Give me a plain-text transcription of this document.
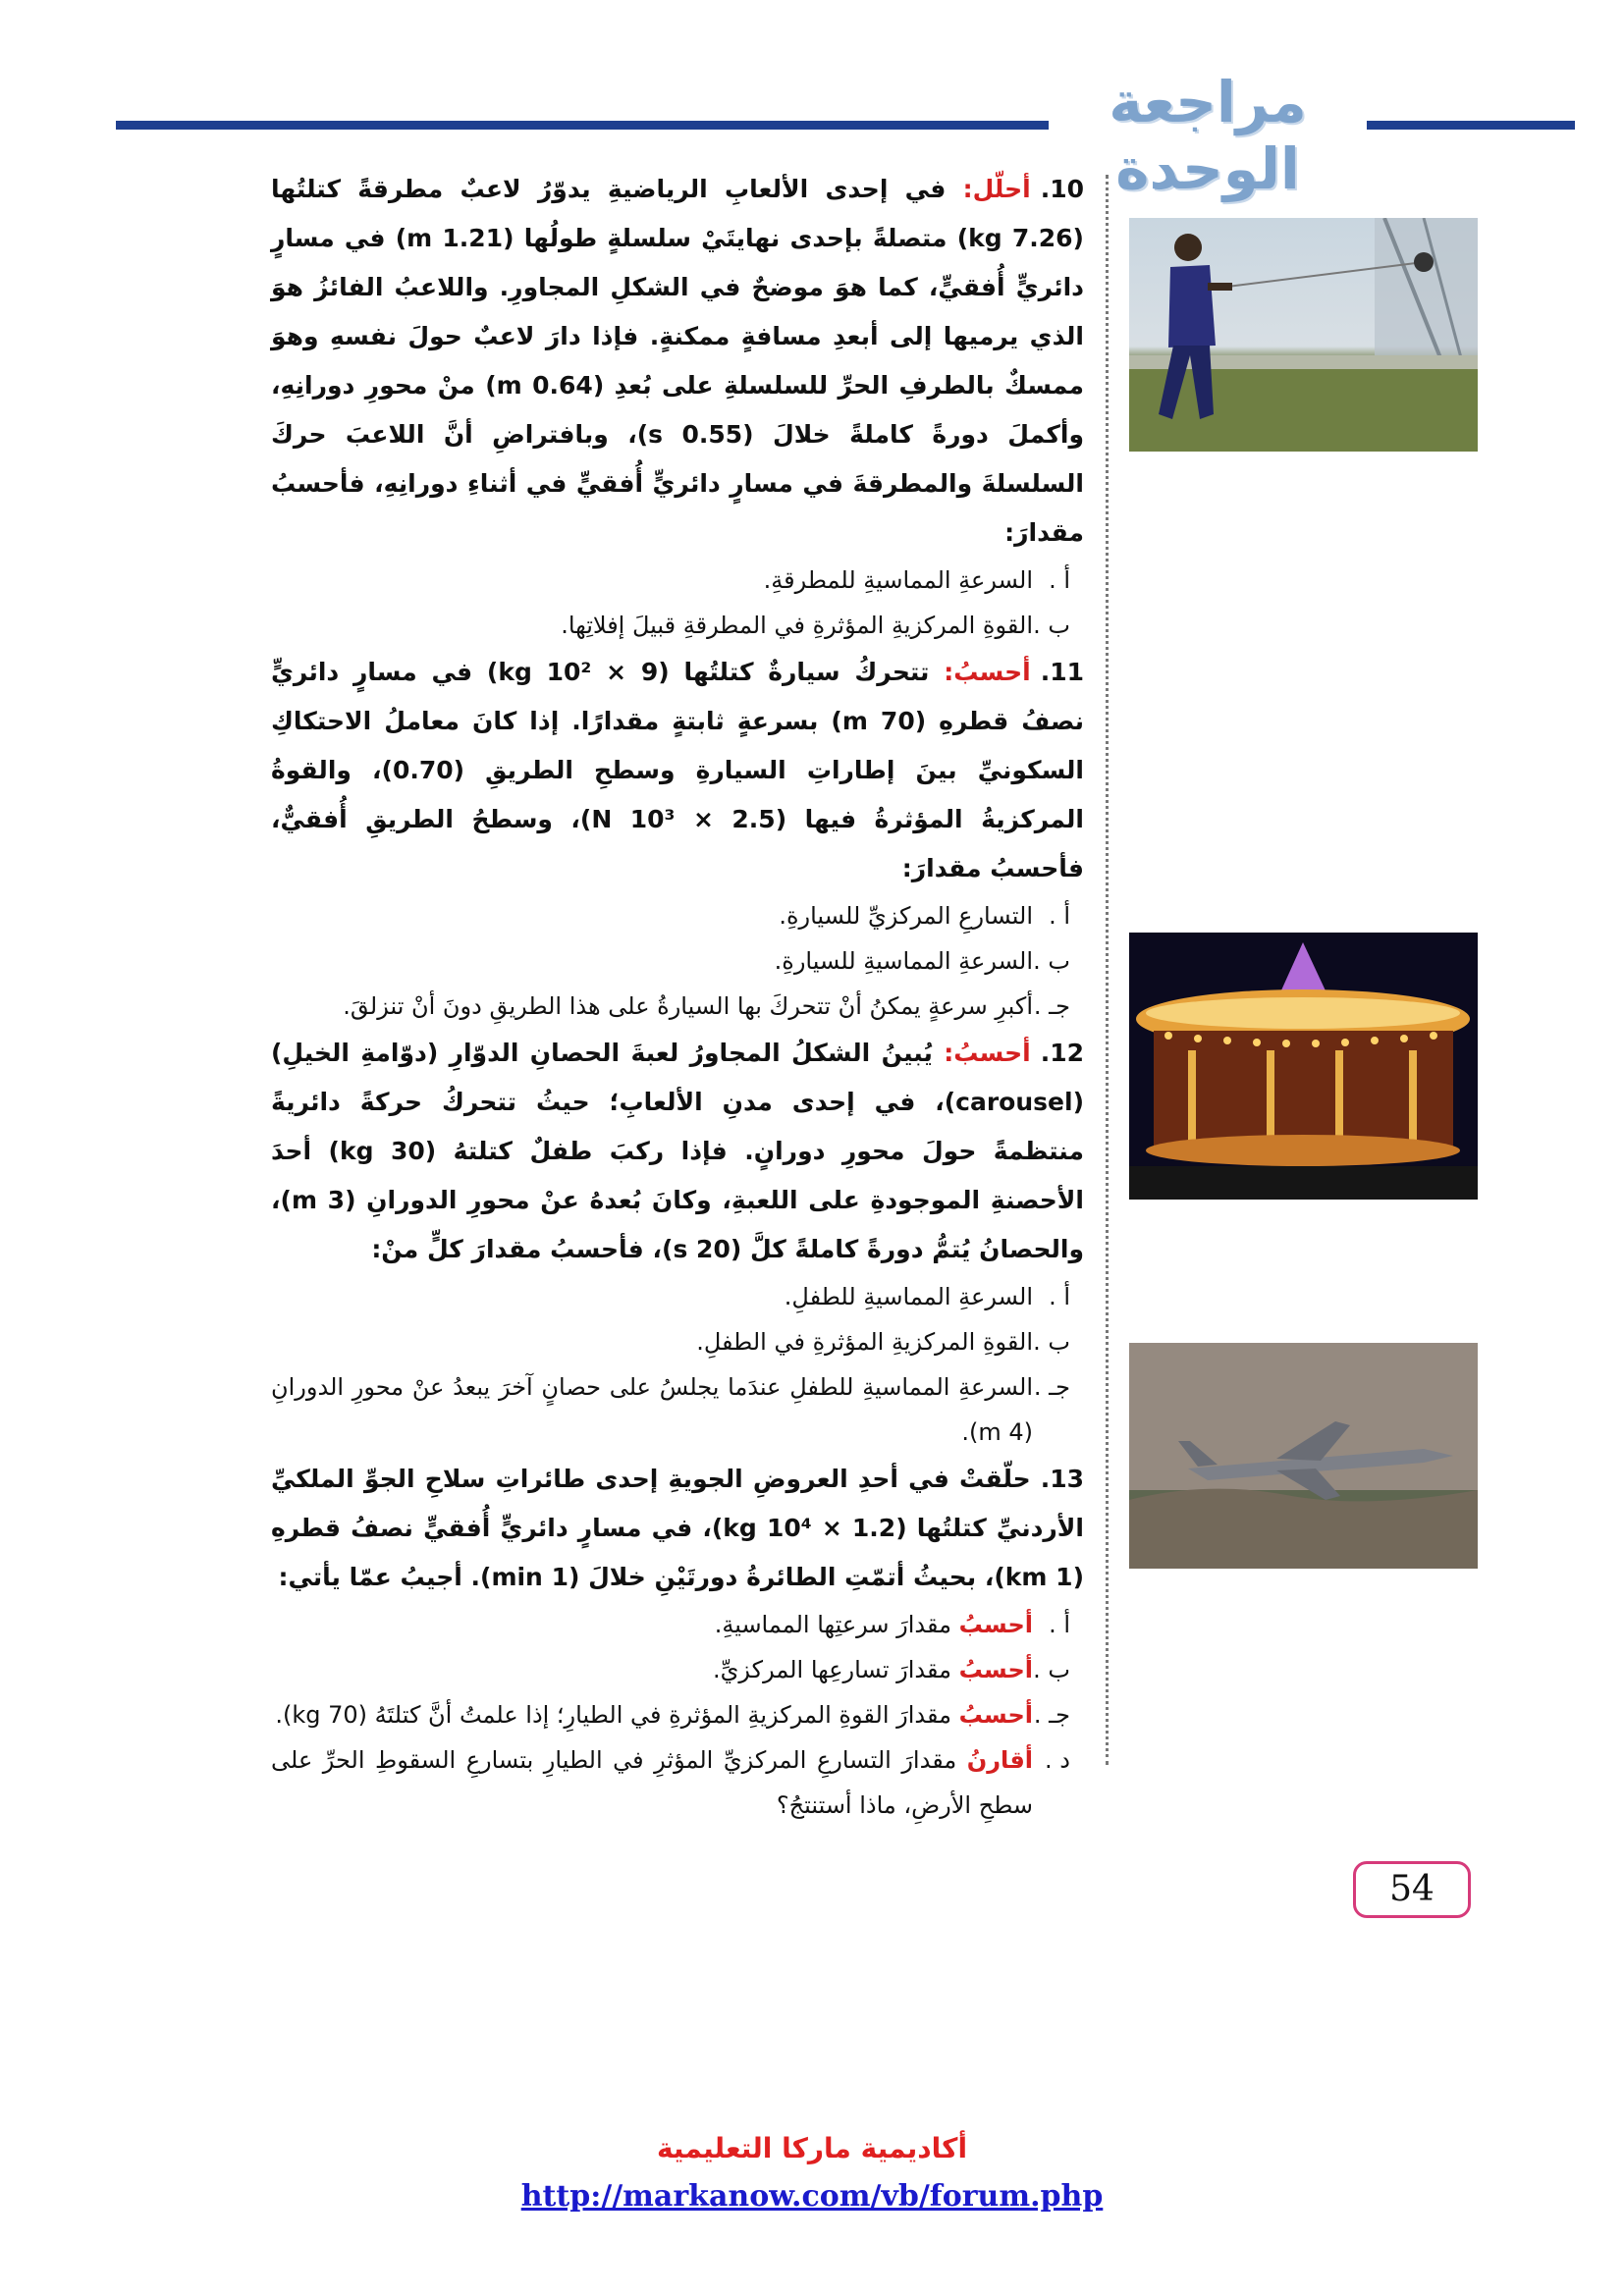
مراجعة الوحدة

10.أحلّل: في إحدى الألعابِ الرياضيةِ يدوّرُ لاعبٌ مطرقةً كتلتُها (7.26 kg) متصلةً بإحدى نهايتَيْ سلسلةٍ طولُها (1.21 m) في مسارٍ دائريٍّ أُفقيٍّ، كما هوَ موضحٌ في الشكلِ المجاورِ. واللاعبُ الفائزُ هوَ الذي يرميها إلى أبعدِ مسافةٍ ممكنةٍ. فإذا دارَ لاعبٌ حولَ نفسهِ وهوَ ممسكٌ بالطرفِ الحرِّ للسلسلةِ على بُعدِ (0.64 m) منْ محورِ دورانِهِ، وأكملَ دورةً كاملةً خلالَ (0.55 s)، وبافتراضِ أنَّ اللاعبَ حركَ السلسلةَ والمطرقةَ في مسارٍ دائريٍّ أُفقيٍّ في أثناءِ دورانِهِ، فأحسبُ مقدارَ:

أ .
السرعةِ المماسيةِ للمطرقةِ.

ب .
القوةِ المركزيةِ المؤثرةِ في المطرقةِ قبيلَ إفلاتِها.

11.أحسبُ: تتحركُ سيارةٌ كتلتُها (9 × 10² kg) في مسارٍ دائريٍّ نصفُ قطرهِ (70 m) بسرعةٍ ثابتةٍ مقدارًا. إذا كانَ معاملُ الاحتكاكِ السكونيِّ بينَ إطاراتِ السيارةِ وسطحِ الطريقِ (0.70)، والقوةُ المركزيةُ المؤثرةُ فيها (2.5 × 10³ N)، وسطحُ الطريقِ أُفقيٌّ، فأحسبُ مقدارَ:

أ .
التسارعِ المركزيِّ للسيارةِ.

ب .
السرعةِ المماسيةِ للسيارةِ.

جـ .
أكبرِ سرعةٍ يمكنُ أنْ تتحركَ بها السيارةُ على هذا الطريقِ دونَ أنْ تنزلقَ.

12.أحسبُ: يُبينُ الشكلُ المجاورُ لعبةَ الحصانِ الدوّارِ (دوّامةِ الخيلِ) (carousel)، في إحدى مدنِ الألعابِ؛ حيثُ تتحركُ حركةً دائريةً منتظمةً حولَ محورِ دورانٍ. فإذا ركبَ طفلٌ كتلتهُ (30 kg) أحدَ الأحصنةِ الموجودةِ على اللعبةِ، وكانَ بُعدهُ عنْ محورِ الدورانِ (3 m)، والحصانُ يُتمُّ دورةً كاملةً كلَّ (20 s)، فأحسبُ مقدارَ كلٍّ منْ:

أ .
السرعةِ المماسيةِ للطفلِ.

ب .
القوةِ المركزيةِ المؤثرةِ في الطفلِ.

جـ .
السرعةِ المماسيةِ للطفلِ عندَما يجلسُ على حصانٍ آخرَ يبعدُ عنْ محورِ الدورانِ (4 m).

13.حلّقتْ في أحدِ العروضِ الجويةِ إحدى طائراتِ سلاحِ الجوِّ الملكيِّ الأردنيِّ كتلتُها (1.2 × 10⁴ kg)، في مسارٍ دائريٍّ أُفقيٍّ نصفُ قطرهِ (1 km)، بحيثُ أتمّتِ الطائرةُ دورتَيْنِ خلالَ (1 min). أجيبُ عمّا يأتي:

أ .
أحسبُ مقدارَ سرعتِها المماسيةِ.

ب .
أحسبُ مقدارَ تسارعِها المركزيِّ.

جـ .
أحسبُ مقدارَ القوةِ المركزيةِ المؤثرةِ في الطيارِ؛ إذا علمتُ أنَّ كتلتَهُ (70 kg).

د .
أقارنُ مقدارَ التسارعِ المركزيِّ المؤثرِ في الطيارِ بتسارعِ السقوطِ الحرِّ على سطحِ الأرضِ، ماذا أستنتجُ؟

54
أكاديمية ماركا التعليمية
http://markanow.com/vb/forum.php
